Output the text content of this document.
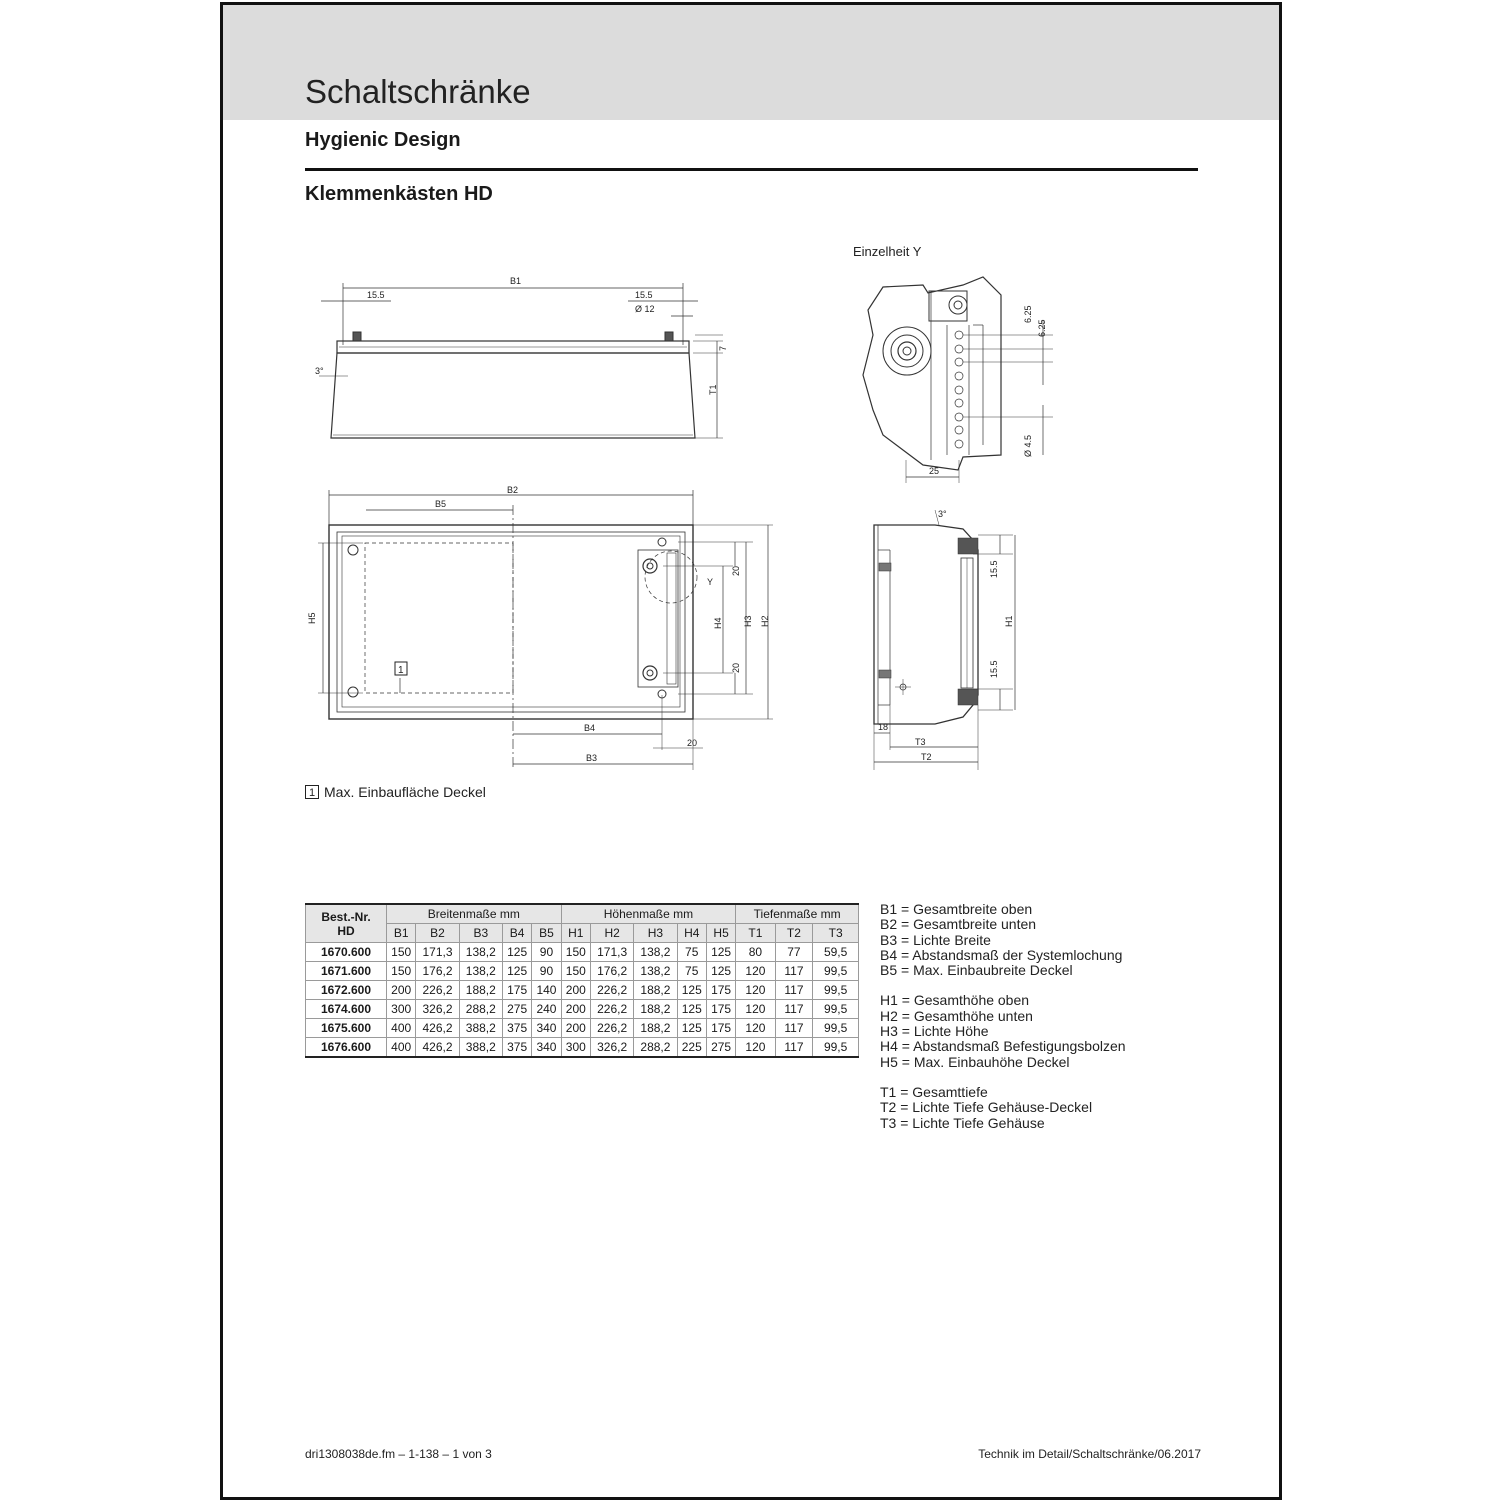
Schaltschränke
Hygienic Design
Klemmenkästen HD
Einzelheit Y
B1
15.5	15.5
Ø 12
3°
7
T1
B2
B5
H5	H4 H3 H2
20
20
Y
B4
20
B3
6.25
6.25
Ø 4.5
25
3°
15.5
15.5
H1
18
T3
T2
1
1 Max. Einbaufläche Deckel
Best.-Nr.
HD	Breitenmaße mm					Höhenmaße mm					Tiefenmaße mm		
	B1	B2	B3	B4	B5	H1	H2	H3	H4	H5	T1	T2	T3
1670.600	150	171,3	138,2	125	90	150	171,3	138,2	75	125	80	77	59,5
1671.600	150	176,2	138,2	125	90	150	176,2	138,2	75	125	120	117	99,5
1672.600	200	226,2	188,2	175	140	200	226,2	188,2	125	175	120	117	99,5
1674.600	300	326,2	288,2	275	240	200	226,2	188,2	125	175	120	117	99,5
1675.600	400	426,2	388,2	375	340	200	226,2	188,2	125	175	120	117	99,5
1676.600	400	426,2	388,2	375	340	300	326,2	288,2	225	275	120	117	99,5
B1 = Gesamtbreite oben
B2 = Gesamtbreite unten
B3 = Lichte Breite
B4 = Abstandsmaß der Systemlochung
B5 = Max. Einbaubreite Deckel
H1 = Gesamthöhe oben
H2 = Gesamthöhe unten
H3 = Lichte Höhe
H4 = Abstandsmaß Befestigungsbolzen
H5 = Max. Einbauhöhe Deckel
T1 = Gesamttiefe
T2 = Lichte Tiefe Gehäuse-Deckel
T3 = Lichte Tiefe Gehäuse
dri1308038de.fm – 1-138 – 1 von 3	Technik im Detail/Schaltschränke/06.2017
